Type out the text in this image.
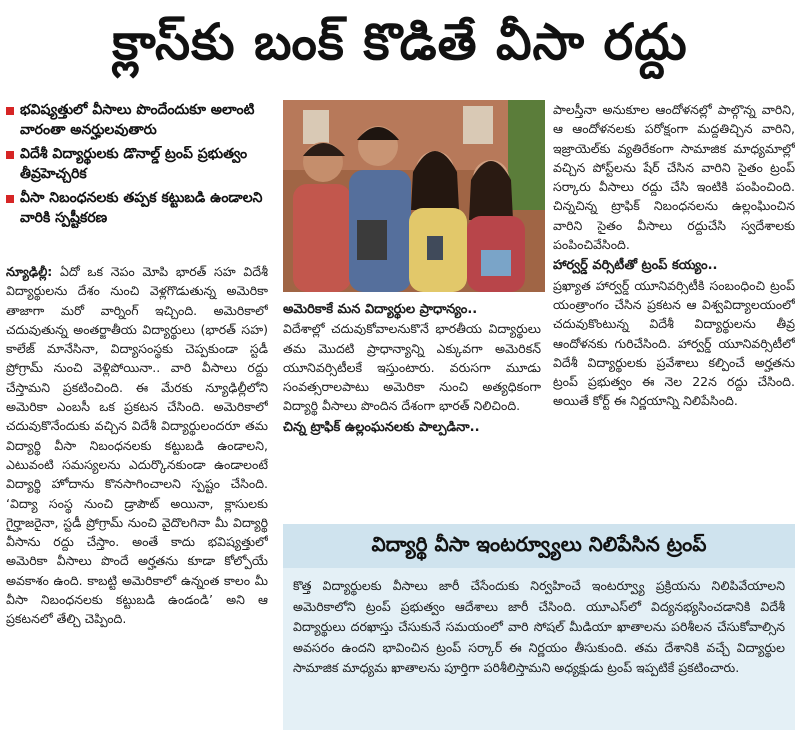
క్లాస్‌కు బంక్ కొడితే వీసా రద్దు
భవిష్యత్తులో వీసాలు పొందేందుకూ అలాంటి వారంతా అనర్హులవుతారు
విదేశీ విద్యార్థులకు డొనాల్డ్ ట్రంప్ ప్రభుత్వం తీవ్రహెచ్చరిక
వీసా నిబంధనలకు తప్పక కట్టుబడి ఉండాలని వారికి స్పష్టీకరణ

న్యూఢిల్లీ: ఏదో ఒక నెపం మోపి భారత్ సహ విదేశీ విద్యార్థులను దేశం నుంచి వెళ్లగొడుతున్న అమెరికా తాజాగా మరో వార్నింగ్ ఇచ్చింది. అమెరికాలో చదువుతున్న అంతర్జాతీయ విద్యార్థులు (భారత్ సహ) కాలేజ్ మానేసినా, విద్యాసంస్థకు చెప్పకుండా స్టడీ ప్రోగ్రామ్ నుంచి వెళ్లిపోయినా.. వారి వీసాలు రద్దు చేస్తామని ప్రకటించింది. ఈ మేరకు న్యూఢిల్లీలోని అమెరికా ఎంబసీ ఒక ప్రకటన చేసింది. అమెరికాలో చదువుకొనేందుకు వచ్చిన విదేశీ విద్యార్థులందరూ తమ విద్యార్థి వీసా నిబంధనలకు కట్టుబడి ఉండాలని, ఎటువంటి సమస్యలను ఎదుర్కొనకుండా ఉండాలంటే విద్యార్థి హోదాను కొనసాగించాలని స్పష్టం చేసింది. ‘విద్యా సంస్థ నుంచి డ్రాపౌట్ అయినా, క్లాసులకు గైర్హాజరైనా, స్టడీ ప్రోగ్రామ్ నుంచి వైదొలగినా మీ విద్యార్థి వీసాను రద్దు చేస్తాం. అంతే కాదు భవిష్యత్తులో అమెరికా వీసాలు పొందే అర్హతను కూడా కోల్పోయే అవకాశం ఉంది. కాబట్టి అమెరికాలో ఉన్నంత కాలం మీ వీసా నిబంధనలకు కట్టుబడి ఉండండి’ అని ఆ ప్రకటనలో తేల్చి చెప్పింది.

అమెరికాకే మన విద్యార్థుల ప్రాధాన్యం..

విదేశాల్లో చదువుకోవాలనుకొనే భారతీయ విద్యార్థులు తమ మొదటి ప్రాధాన్యాన్ని ఎక్కువగా అమెరికన్ యూనివర్సిటీలకే ఇస్తుంటారు. వరుసగా మూడు సంవత్సరాలపాటు అమెరికా నుంచి అత్యధికంగా విద్యార్థి వీసాలు పొందిన దేశంగా భారత్ నిలిచింది.

చిన్న ట్రాఫిక్ ఉల్లంఘనలకు పాల్పడినా..

పాలస్తీనా అనుకూల ఆందోళనల్లో పాల్గొన్న వారిని, ఆ ఆందోళనలకు పరోక్షంగా మద్దతిచ్చిన వారిని, ఇజ్రాయెల్‌కు వ్యతిరేకంగా సామాజిక మాధ్యమాల్లో వచ్చిన పోస్ట్‌లను షేర్ చేసిన వారిని సైతం ట్రంప్ సర్కారు వీసాలు రద్దు చేసి ఇంటికి పంపించింది. చిన్నచిన్న ట్రాఫిక్ నిబంధనలను ఉల్లంఘించిన వారిని సైతం వీసాలు రద్దుచేసి స్వదేశాలకు పంపించివేసింది.

హార్వర్డ్ వర్సిటీతో ట్రంప్ కయ్యం..

ప్రఖ్యాత హార్వర్డ్ యూనివర్సిటీకి సంబంధించి ట్రంప్ యంత్రాంగం చేసిన ప్రకటన ఆ విశ్వవిద్యాలయంలో చదువుకొంటున్న విదేశీ విద్యార్థులను తీవ్ర ఆందోళనకు గురిచేసింది. హార్వర్డ్ యూనివర్సిటీలో విదేశీ విద్యార్థులకు ప్రవేశాలు కల్పించే అర్హతను ట్రంప్ ప్రభుత్వం ఈ నెల 22న రద్దు చేసింది. అయితే కోర్ట్ ఈ నిర్ణయాన్ని నిలిపేసింది.

విద్యార్థి వీసా ఇంటర్వ్యూలు నిలిపేసిన ట్రంప్
కొత్త విద్యార్థులకు వీసాలు జారీ చేసేందుకు నిర్వహించే ఇంటర్వ్యూ ప్రక్రియను నిలిపివేయాలని అమెరికాలోని ట్రంప్ ప్రభుత్వం ఆదేశాలు జారీ చేసింది. యూఎస్‌లో విద్యనభ్యసించడానికి విదేశీ విద్యార్థులు దరఖాస్తు చేసుకునే సమయంలో వారి సోషల్ మీడియా ఖాతాలను పరిశీలన చేసుకోవాల్సిన అవసరం ఉందని భావించిన ట్రంప్ సర్కార్ ఈ నిర్ణయం తీసుకుంది. తమ దేశానికి వచ్చే విద్యార్థుల సామాజిక మాధ్యమ ఖాతాలను పూర్తిగా పరిశీలిస్తామని అధ్యక్షుడు ట్రంప్ ఇప్పటికే ప్రకటించారు.
